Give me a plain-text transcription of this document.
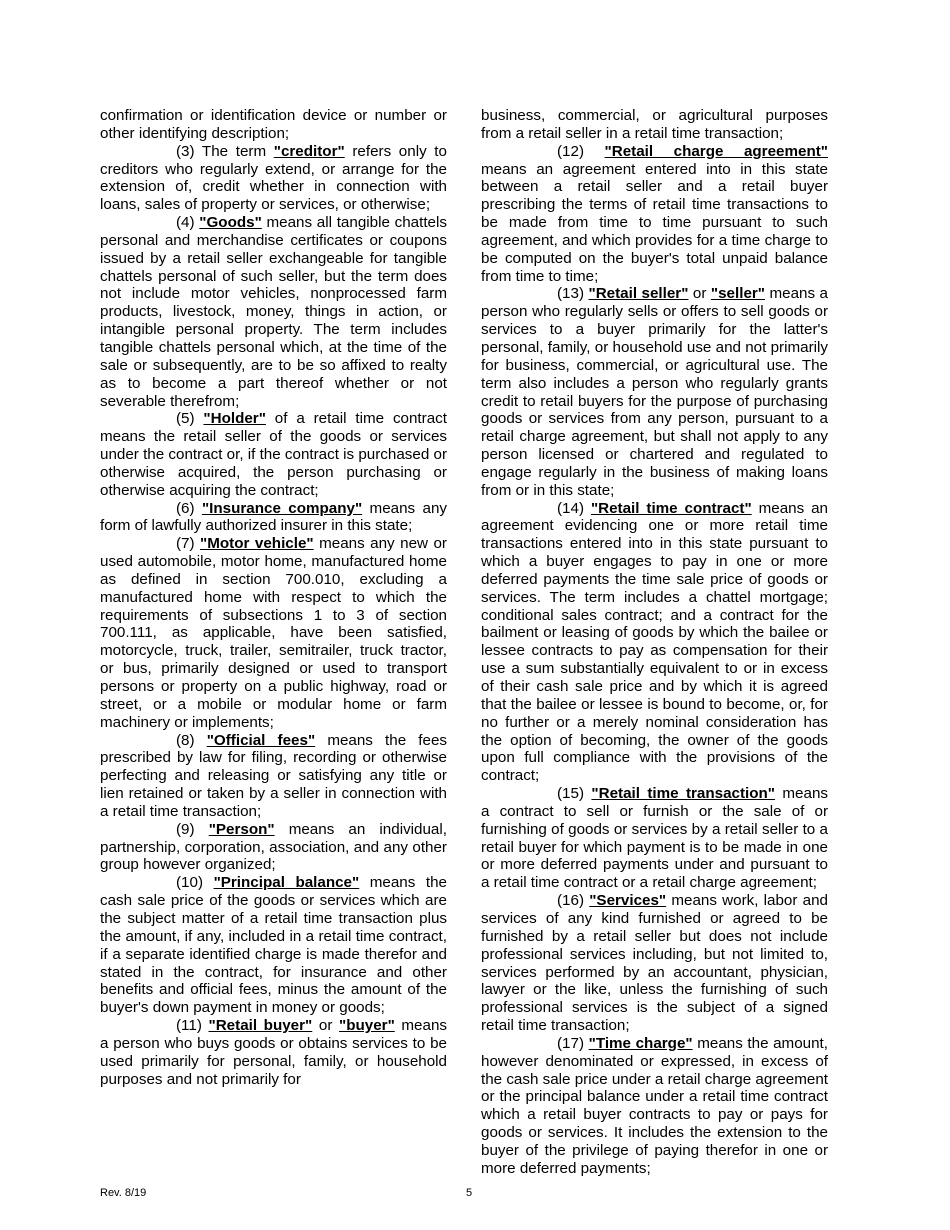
confirmation or identification device or number or other identifying description;

(3) The term "creditor" refers only to creditors who regularly extend, or arrange for the extension of, credit whether in connection with loans, sales of property or services, or otherwise;

(4) "Goods" means all tangible chattels personal and merchandise certificates or coupons issued by a retail seller exchangeable for tangible chattels personal of such seller, but the term does not include motor vehicles, nonprocessed farm products, livestock, money, things in action, or intangible personal property. The term includes tangible chattels personal which, at the time of the sale or subsequently, are to be so affixed to realty as to become a part thereof whether or not severable therefrom;

(5) "Holder" of a retail time contract means the retail seller of the goods or services under the contract or, if the contract is purchased or otherwise acquired, the person purchasing or otherwise acquiring the contract;

(6) "Insurance company" means any form of lawfully authorized insurer in this state;

(7) "Motor vehicle" means any new or used automobile, motor home, manufactured home as defined in section 700.010, excluding a manufactured home with respect to which the requirements of subsections 1 to 3 of section 700.111, as applicable, have been satisfied, motorcycle, truck, trailer, semitrailer, truck tractor, or bus, primarily designed or used to transport persons or property on a public highway, road or street, or a mobile or modular home or farm machinery or implements;

(8) "Official fees" means the fees prescribed by law for filing, recording or otherwise perfecting and releasing or satisfying any title or lien retained or taken by a seller in connection with a retail time transaction;

(9) "Person" means an individual, partnership, corporation, association, and any other group however organized;

(10) "Principal balance" means the cash sale price of the goods or services which are the subject matter of a retail time transaction plus the amount, if any, included in a retail time contract, if a separate identified charge is made therefor and stated in the contract, for insurance and other benefits and official fees, minus the amount of the buyer's down payment in money or goods;

(11) "Retail buyer" or "buyer" means a person who buys goods or obtains services to be used primarily for personal, family, or household purposes and not primarily for

business, commercial, or agricultural purposes from a retail seller in a retail time transaction;

(12) "Retail charge agreement" means an agreement entered into in this state between a retail seller and a retail buyer prescribing the terms of retail time transactions to be made from time to time pursuant to such agreement, and which provides for a time charge to be computed on the buyer's total unpaid balance from time to time;

(13) "Retail seller" or "seller" means a person who regularly sells or offers to sell goods or services to a buyer primarily for the latter's personal, family, or household use and not primarily for business, commercial, or agricultural use. The term also includes a person who regularly grants credit to retail buyers for the purpose of purchasing goods or services from any person, pursuant to a retail charge agreement, but shall not apply to any person licensed or chartered and regulated to engage regularly in the business of making loans from or in this state;

(14) "Retail time contract" means an agreement evidencing one or more retail time transactions entered into in this state pursuant to which a buyer engages to pay in one or more deferred payments the time sale price of goods or services. The term includes a chattel mortgage; conditional sales contract; and a contract for the bailment or leasing of goods by which the bailee or lessee contracts to pay as compensation for their use a sum substantially equivalent to or in excess of their cash sale price and by which it is agreed that the bailee or lessee is bound to become, or, for no further or a merely nominal consideration has the option of becoming, the owner of the goods upon full compliance with the provisions of the contract;

(15) "Retail time transaction" means a contract to sell or furnish or the sale of or furnishing of goods or services by a retail seller to a retail buyer for which payment is to be made in one or more deferred payments under and pursuant to a retail time contract or a retail charge agreement;

(16) "Services" means work, labor and services of any kind furnished or agreed to be furnished by a retail seller but does not include professional services including, but not limited to, services performed by an accountant, physician, lawyer or the like, unless the furnishing of such professional services is the subject of a signed retail time transaction;

(17) "Time charge" means the amount, however denominated or expressed, in excess of the cash sale price under a retail charge agreement or the principal balance under a retail time contract which a retail buyer contracts to pay or pays for goods or services. It includes the extension to the buyer of the privilege of paying therefor in one or more deferred payments;

Rev. 8/19	5
